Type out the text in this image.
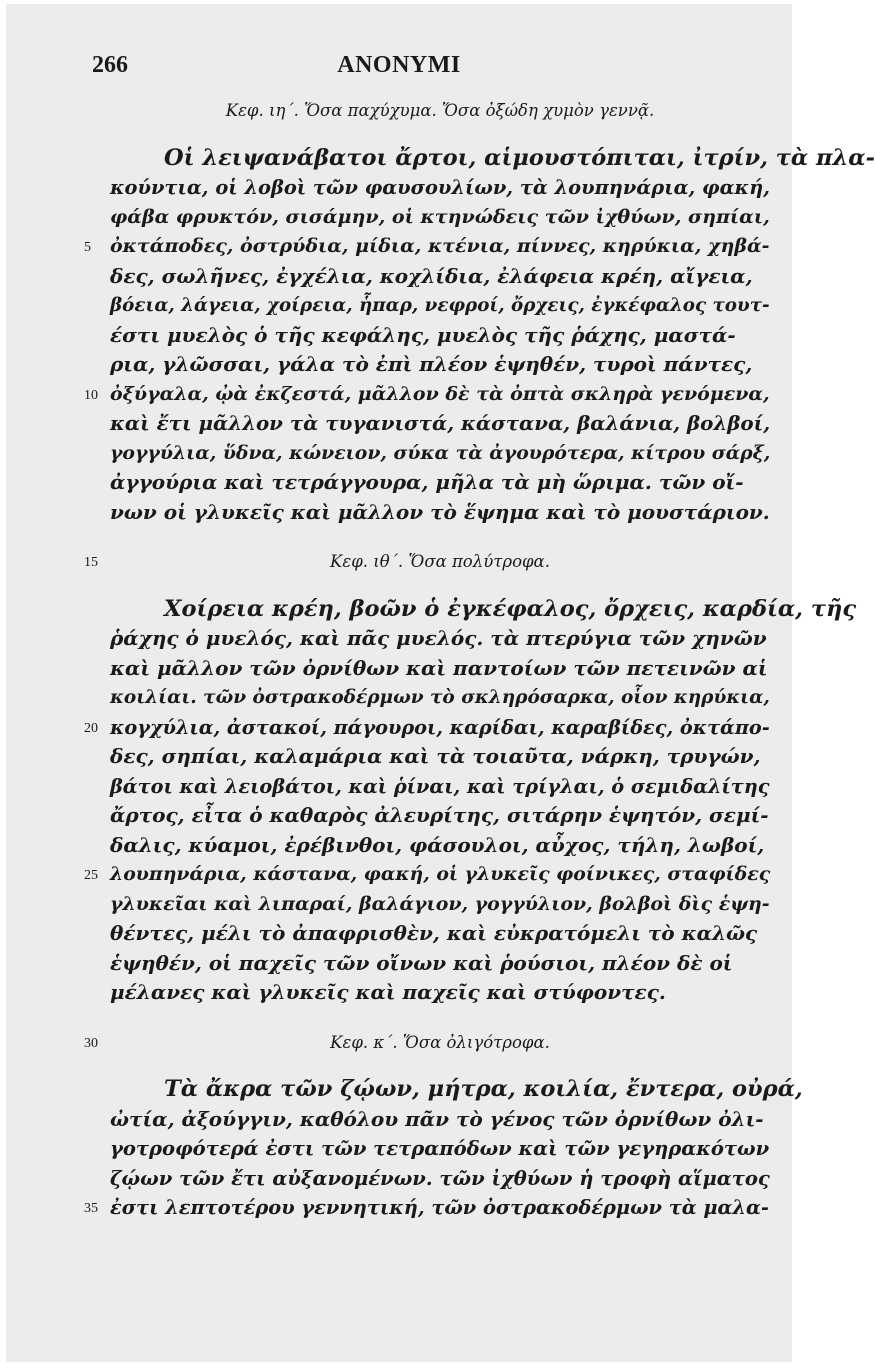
266	ANONYMI
Κεφ. ιη΄. Ὅσα παχύχυμα. Ὅσα ὀξώδη χυμὸν γεννᾷ.
Οἱ λειψανάβατοι ἄρτοι, αἱμουστόπιται, ἰτρίν, τὰ πλα-
κούντια, οἱ λοβοὶ τῶν φαυσουλίων, τὰ λουπηνάρια, φακή,
φάβα φρυκτόν, σισάμην, οἱ κτηνώδεις τῶν ἰχθύων, σηπίαι,
5 ὀκτάποδες, ὀστρύδια, μίδια, κτένια, πίννες, κηρύκια, χηβά-
δες, σωλῆνες, ἐγχέλια, κοχλίδια, ἐλάφεια κρέη, αἴγεια,
βόεια, λάγεια, χοίρεια, ἧπαρ, νεφροί, ὄρχεις, ἐγκέφαλος τουτ-
έστι μυελὸς ὁ τῆς κεφάλης, μυελὸς τῆς ῥάχης, μαστά-
ρια, γλῶσσαι, γάλα τὸ ἐπὶ πλέον ἑψηθέν, τυροὶ πάντες,
10 ὀξύγαλα, ᾠὰ ἐκζεστά, μᾶλλον δὲ τὰ ὀπτὰ σκληρὰ γενόμενα,
καὶ ἔτι μᾶλλον τὰ τυγανιστά, κάστανα, βαλάνια, βολβοί,
γογγύλια, ὕδνα, κώνειον, σύκα τὰ ἀγουρότερα, κίτρου σάρξ,
ἀγγούρια καὶ τετράγγουρα, μῆλα τὰ μὴ ὥριμα. τῶν οἴ-
νων οἱ γλυκεῖς καὶ μᾶλλον τὸ ἕψημα καὶ τὸ μουστάριον.
15	Κεφ. ιθ΄. Ὅσα πολύτροφα.
Χοίρεια κρέη, βοῶν ὁ ἐγκέφαλος, ὄρχεις, καρδία, τῆς
ῥάχης ὁ μυελός, καὶ πᾶς μυελός. τὰ πτερύγια τῶν χηνῶν
καὶ μᾶλλον τῶν ὀρνίθων καὶ παντοίων τῶν πετεινῶν αἱ
κοιλίαι. τῶν ὀστρακοδέρμων τὸ σκληρόσαρκα, οἷον κηρύκια,
20 κογχύλια, ἀστακοί, πάγουροι, καρίδαι, καραβίδες, ὀκτάπο-
δες, σηπίαι, καλαμάρια καὶ τὰ τοιαῦτα, νάρκη, τρυγών,
βάτοι καὶ λειοβάτοι, καὶ ῥίναι, καὶ τρίγλαι, ὁ σεμιδαλίτης
ἄρτος, εἶτα ὁ καθαρὸς ἀλευρίτης, σιτάρην ἑψητόν, σεμί-
δαλις, κύαμοι, ἐρέβινθοι, φάσουλοι, αὖχος, τήλη, λωβοί,
25 λουπηνάρια, κάστανα, φακή, οἱ γλυκεῖς φοίνικες, σταφίδες
γλυκεῖαι καὶ λιπαραί, βαλάγιον, γογγύλιον, βολβοὶ δὶς ἑψη-
θέντες, μέλι τὸ ἀπαφρισθὲν, καὶ εὐκρατόμελι τὸ καλῶς
ἑψηθέν, οἱ παχεῖς τῶν οἴνων καὶ ῥούσιοι, πλέον δὲ οἱ
μέλανες καὶ γλυκεῖς καὶ παχεῖς καὶ στύφοντες.
30	Κεφ. κ΄. Ὅσα ὀλιγότροφα.
Τὰ ἄκρα τῶν ζῴων, μήτρα, κοιλία, ἔντερα, οὐρά,
ὠτία, ἀξούγγιν, καθόλου πᾶν τὸ γένος τῶν ὀρνίθων ὀλι-
γοτροφότερά ἐστι τῶν τετραπόδων καὶ τῶν γεγηρακότων
ζῴων τῶν ἔτι αὐξανομένων. τῶν ἰχθύων ἡ τροφὴ αἵματος
35 ἐστι λεπτοτέρου γεννητική, τῶν ὀστρακοδέρμων τὰ μαλα-
